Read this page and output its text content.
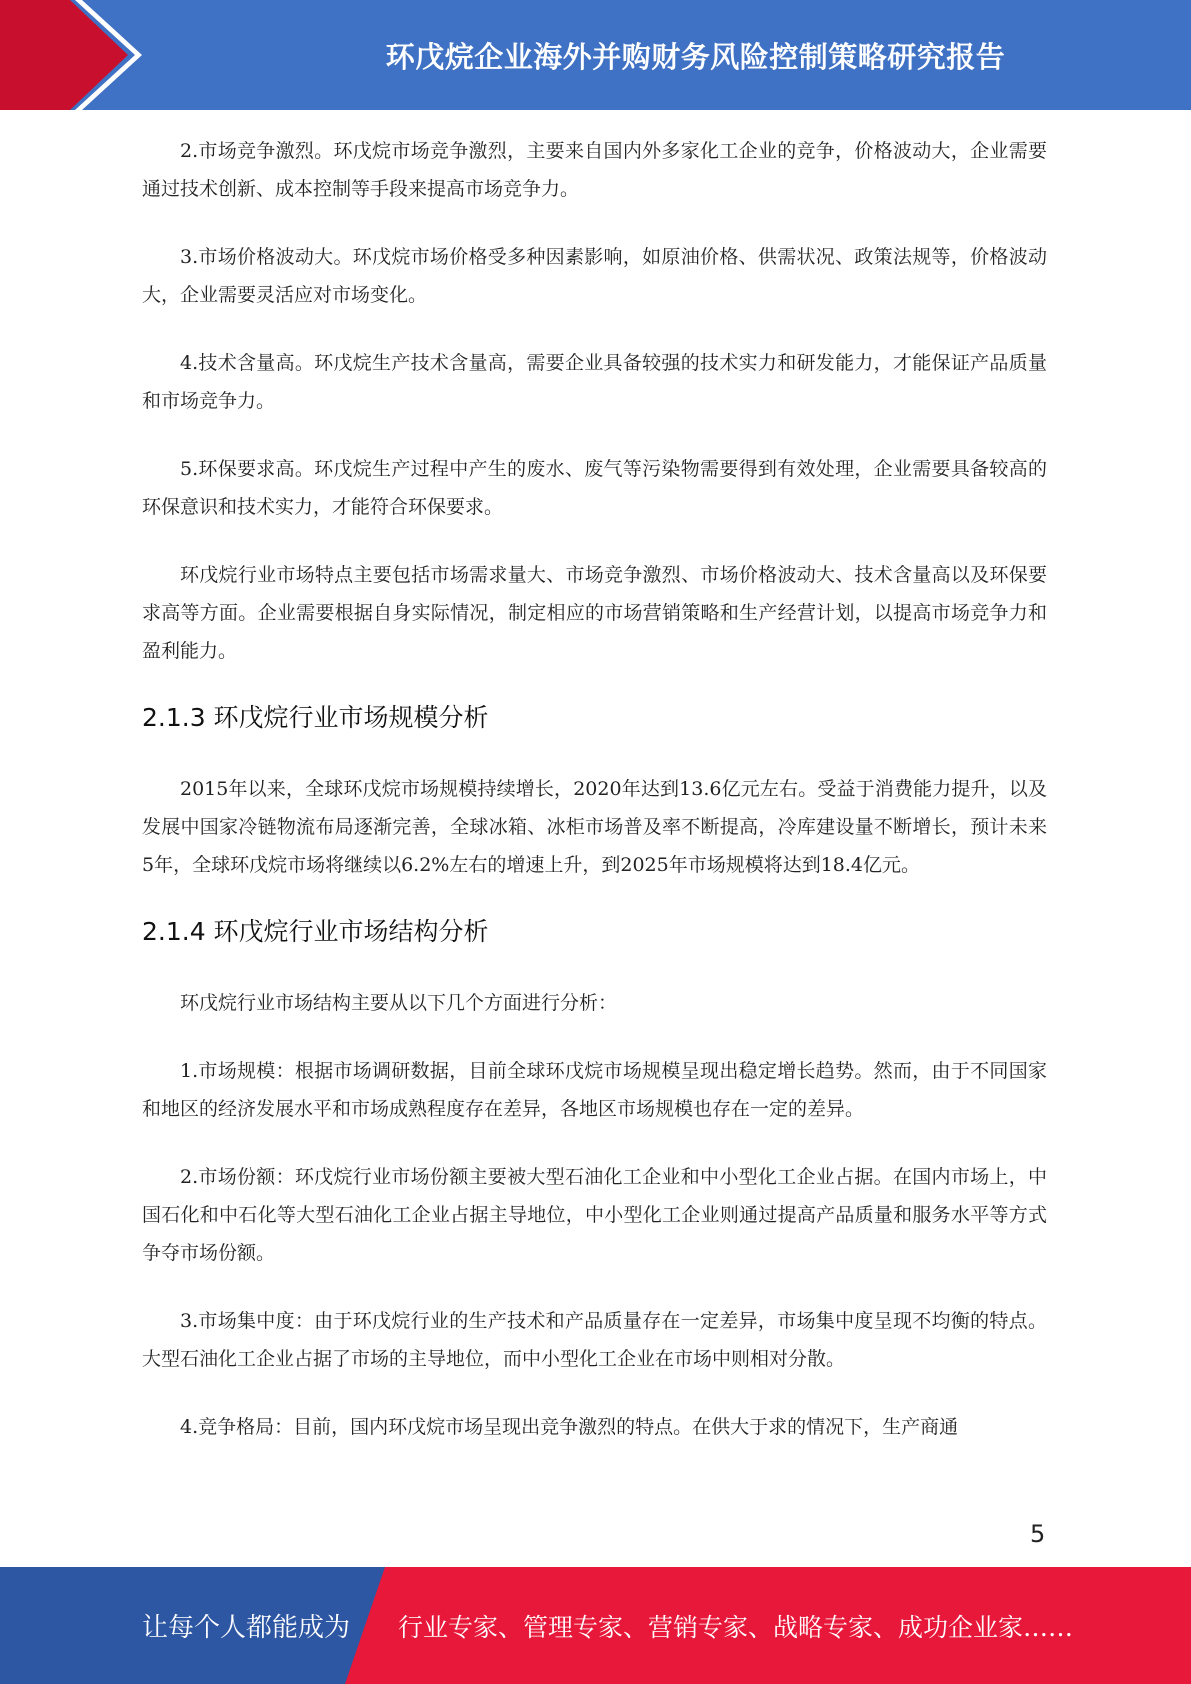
环戊烷企业海外并购财务风险控制策略研究报告

2.市场竞争激烈。环戊烷市场竞争激烈，主要来自国内外多家化工企业的竞争，价格波动大，企业需要通过技术创新、成本控制等手段来提高市场竞争力。

3.市场价格波动大。环戊烷市场价格受多种因素影响，如原油价格、供需状况、政策法规等，价格波动大，企业需要灵活应对市场变化。

4.技术含量高。环戊烷生产技术含量高，需要企业具备较强的技术实力和研发能力，才能保证产品质量和市场竞争力。

5.环保要求高。环戊烷生产过程中产生的废水、废气等污染物需要得到有效处理，企业需要具备较高的环保意识和技术实力，才能符合环保要求。

环戊烷行业市场特点主要包括市场需求量大、市场竞争激烈、市场价格波动大、技术含量高以及环保要求高等方面。企业需要根据自身实际情况，制定相应的市场营销策略和生产经营计划，以提高市场竞争力和盈利能力。

2.1.3 环戊烷行业市场规模分析

2015年以来，全球环戊烷市场规模持续增长，2020年达到13.6亿元左右。受益于消费能力提升，以及发展中国家冷链物流布局逐渐完善，全球冰箱、冰柜市场普及率不断提高，冷库建设量不断增长，预计未来5年，全球环戊烷市场将继续以6.2%左右的增速上升，到2025年市场规模将达到18.4亿元。

2.1.4 环戊烷行业市场结构分析

环戊烷行业市场结构主要从以下几个方面进行分析：

1.市场规模：根据市场调研数据，目前全球环戊烷市场规模呈现出稳定增长趋势。然而，由于不同国家和地区的经济发展水平和市场成熟程度存在差异，各地区市场规模也存在一定的差异。

2.市场份额：环戊烷行业市场份额主要被大型石油化工企业和中小型化工企业占据。在国内市场上，中国石化和中石化等大型石油化工企业占据主导地位，中小型化工企业则通过提高产品质量和服务水平等方式争夺市场份额。

3.市场集中度：由于环戊烷行业的生产技术和产品质量存在一定差异，市场集中度呈现不均衡的特点。大型石油化工企业占据了市场的主导地位，而中小型化工企业在市场中则相对分散。

4.竞争格局：目前，国内环戊烷市场呈现出竞争激烈的特点。在供大于求的情况下，生产商通

5
让每个人都能成为 行业专家、管理专家、营销专家、战略专家、成功企业家……
